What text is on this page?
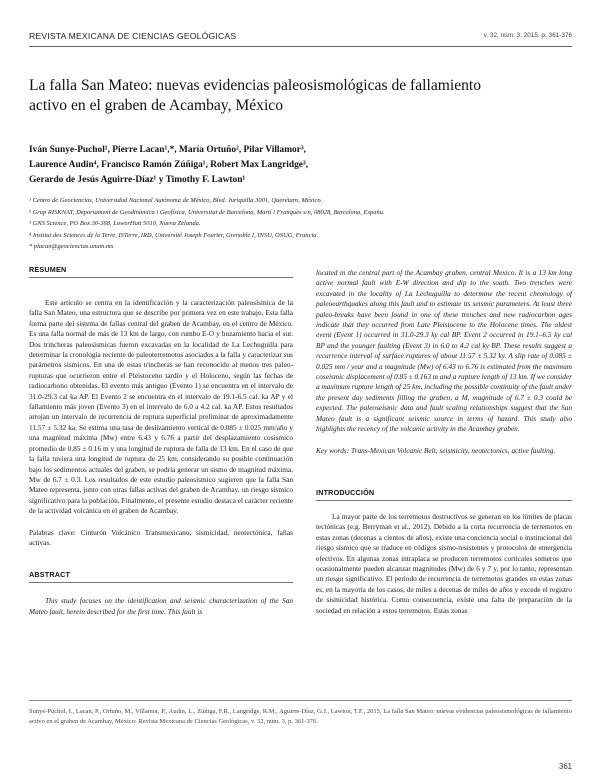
REVISTA MEXICANA DE CIENCIAS GEOLÓGICAS	v. 32, núm. 3, 2015, p. 361-376
La falla San Mateo: nuevas evidencias paleosismológicas de fallamiento activo en el graben de Acambay, México
Iván Sunye-Puchol¹, Pierre Lacan¹,*, María Ortuño², Pilar Villamor³,
Laurence Audin⁴, Francisco Ramón Zúñiga¹, Robert Max Langridge³,
Gerardo de Jesús Aguirre-Díaz¹ y Timothy F. Lawton¹
¹ Centro de Geociencias, Universidad Nacional Autónoma de México, Blvd. Juriquilla 3001, Querétaro, México.
² Grup RISKNAT, Departament de Geodinàmica i Geofísica, Universitat de Barcelona, Martí i Franquès s/n, 08028, Barcelona, España.
³ GNS Science, PO Box 30-368, LowerHutt 5010, Nueva Zelanda.
⁴ Institut des Sciences de la Terre, ISTerre, IRD, Université Joseph Fourier, Grenoble I, INSU, OSUG, Francia.
* placan@geociencias.unam.mx
RESUMEN

Este artículo se centra en la identificación y la caracterización paleosísmica de la falla San Mateo, una estructura que se describe por primera vez en este trabajo. Esta falla forma parte del sistema de fallas central del graben de Acambay, en el centro de México. Es una falla normal de más de 13 km de largo, con rumbo E-O y buzamiento hacia el sur. Dos trincheras paleosísmicas fueron excavadas en la localidad de La Lechuguilla para determinar la cronología reciente de paleoterremotos asociados a la falla y caracterizar sus parámetros sísmicos. En una de estas trincheras se han reconocido al menos tres paleo-rupturas que ocurrieron entre el Pleistoceno tardío y el Holoceno, según las fechas de radiocarbono obtenidas. El evento más antiguo (Evento 1) se encuentra en el intervalo de 31.0-29.3 cal ka AP. El Evento 2 se encuentra en el intervalo de 19.1-6.5 cal. ka AP y el fallamiento más joven (Evento 3) en el intervalo de 6.0 a 4.2 cal. ka AP. Estos resultados arrojan un intervalo de recurrencia de ruptura superficial preliminar de aproximadamente 11.57 ± 5.32 ka. Se estima una tasa de deslizamiento vertical de 0.085 ± 0.025 mm/año y una magnitud máxima (Mw) entre 6.43 y 6.76 a partir del desplazamiento cosísmico promedio de 0.85 ± 0.16 m y una longitud de ruptura de falla de 13 km. En el caso de que la falla tuviera una longitud de ruptura de 25 km, considerando su posible continuación bajo los sedimentos actuales del graben, se podría generar un sismo de magnitud máxima, Mw de 6.7 ± 0.3. Los resultados de este estudio paleosísmico sugieren que la falla San Mateo representa, junto con otras fallas activas del graben de Acambay, un riesgo sísmico significativo para la población. Finalmente, el presente estudio destaca el carácter reciente de la actividad volcánica en el graben de Acambay.

Palabras clave: Cinturón Volcánico Transmexicano, sismicidad, neotectónica, fallas activas.

ABSTRACT

This study focuses on the identification and seismic characterization of the San Mateo fault, herein described for the first time. This fault is

located in the central part of the Acambay graben, central Mexico. It is a 13 km long active normal fault with E-W direction and dip to the south. Two trenches were excavated in the locality of La Lechuguilla to determine the recent chronology of paleoearthquakes along this fault and to estimate its seismic parameters. At least three paleo-breaks have been found in one of these trenches and new radiocarbon ages indicate that they occurred from Late Pleistocene to the Holocene times. The oldest event (Event 1) occurred in 31.0-29.3 ky cal BP. Event 2 occurred in 19.1–6.5 ky cal BP and the younger faulting (Event 3) in 6.0 to 4.2 cal ky BP. These results suggest a recurrence interval of surface ruptures of about 11.57 ± 5.32 ky. A slip rate of 0.085 ± 0.025 mm / year and a magnitude (Mw) of 6.43 to 6.76 is estimated from the maximum coseismic displacement of 0.85 ± 0.163 m and a rupture length of 13 km. If we consider a maximum rupture length of 25 km, including the possible continuity of the fault under the present day sediments filling the graben, a M, magnitude of 6.7 ± 0.3 could be expected. The paleoseismic data and fault scaling relationships suggest that the San Mateo fault is a significant seismic source in terms of hazard. This study also highlights the recency of the volcanic activity in the Acambay graben.

Key words: Trans-Mexican Volcanic Belt, seismicity, neotectonics, active faulting.

INTRODUCCIÓN

La mayor parte de los terremotos destructivos se generan en los límites de placas tectónicas (e.g. Berryman et al., 2012). Debido a la corta recurrencia de terremotos en estas zonas (decenas a cientos de años), existe una conciencia social e institucional del riesgo sísmico que se traduce en códigos sismo-resistentes y protocolos de emergencia efectivos. En algunas zonas intraplaca se producen terremotos corticales someros que ocasionalmente pueden alcanzar magnitudes (Mw) de 6 y 7 y, por lo tanto, representan un riesgo significativo. El periodo de recurrencia de terremotos grandes en estas zonas es, en la mayoría de los casos, de miles a decenas de miles de años y excede el registro de sismicidad histórica. Como consecuencia, existe una falta de preparación de la sociedad en relación a estos terremotos. Estas zonas

Sunye-Puchol, I., Lacan, P., Ortuño, M., Villamor, P., Audin, L., Zúñiga, F.R., Langridge, R.M., Aguirre-Díaz, G.J., Lawton, T.F., 2015, La falla San Mateo: nuevas evidencias paleosismológicas de fallamiento activo en el graben de Acambay, México: Revista Mexicana de Ciencias Geológicas, v. 32, núm. 3, p. 361-376.
361
